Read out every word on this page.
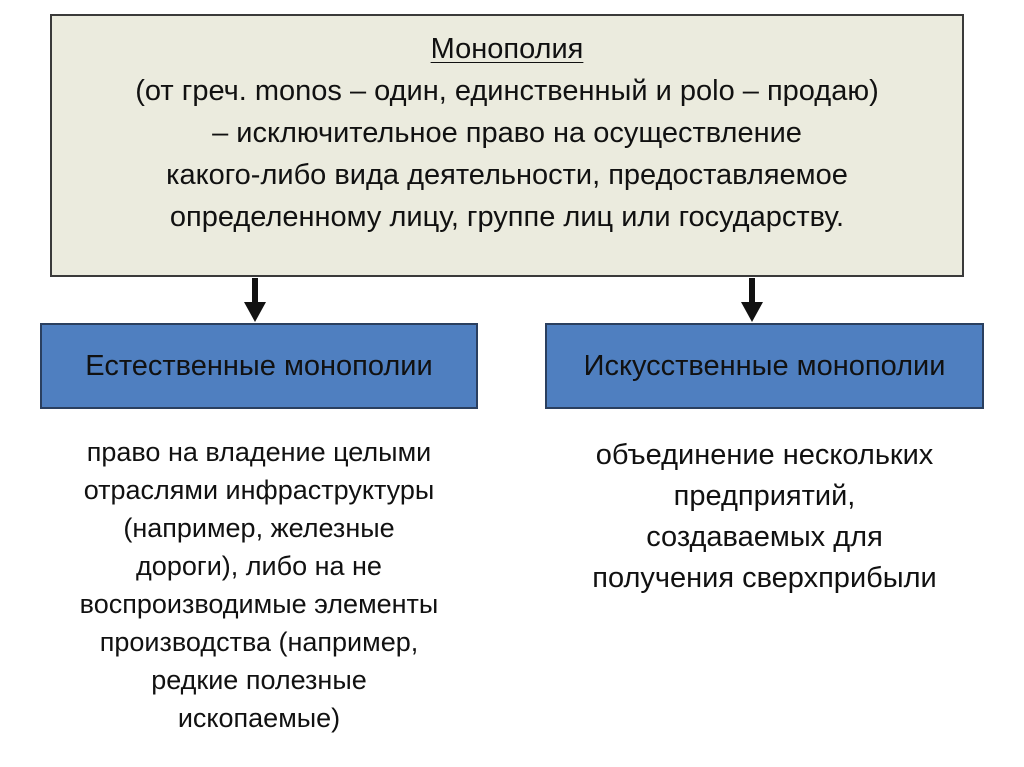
Монополия
(от греч. monos – один, единственный и polo – продаю)
– исключительное право на осуществление
какого-либо вида деятельности, предоставляемое
определенному лицу, группе лиц или государству.
Естественные монополии	Искусственные монополии
право на владение целыми
отраслями инфраструктуры
(например, железные
дороги), либо на не
воспроизводимые элементы
производства (например,
редкие полезные
ископаемые)
объединение нескольких
предприятий,
создаваемых для
получения сверхприбыли
